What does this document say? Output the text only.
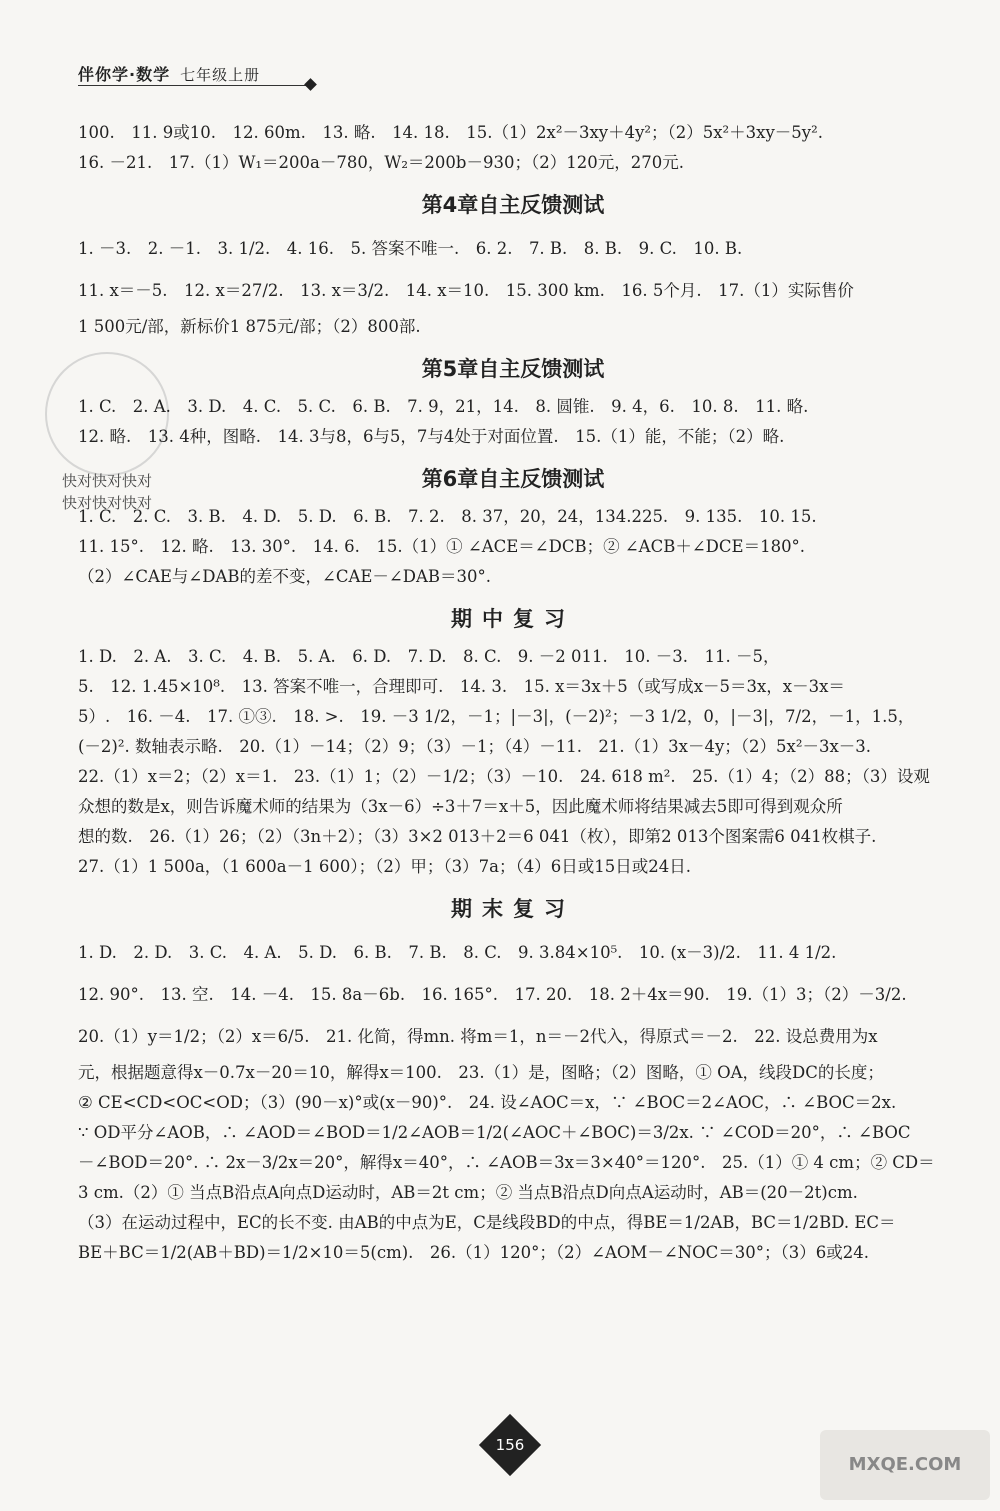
伴你学·数学 七年级上册
快对快对快对
快对快对快对
100.　11. 9或10.　12. 60m.　13. 略.　14. 18.　15.（1）2x²－3xy＋4y²；（2）5x²＋3xy－5y².
16. －21.　17.（1）W₁＝200a－780，W₂＝200b－930；（2）120元，270元.
第4章自主反馈测试
1. －3.　2. －1.　3. 1/2.　4. 16.　5. 答案不唯一.　6. 2.　7. B.　8. B.　9. C.　10. B.
11. x＝－5.　12. x＝27/2.　13. x＝3/2.　14. x＝10.　15. 300 km.　16. 5个月.　17.（1）实际售价
1 500元/部，新标价1 875元/部；（2）800部.
第5章自主反馈测试
1. C.　2. A.　3. D.　4. C.　5. C.　6. B.　7. 9，21，14.　8. 圆锥.　9. 4，6.　10. 8.　11. 略.
12. 略.　13. 4种，图略.　14. 3与8，6与5，7与4处于对面位置.　15.（1）能，不能；（2）略.
第6章自主反馈测试
1. C.　2. C.　3. B.　4. D.　5. D.　6. B.　7. 2.　8. 37，20，24，134.225.　9. 135.　10. 15.
11. 15°.　12. 略.　13. 30°.　14. 6.　15.（1）① ∠ACE＝∠DCB；② ∠ACB＋∠DCE＝180°.
（2）∠CAE与∠DAB的差不变，∠CAE－∠DAB＝30°.
期中复习
1. D.　2. A.　3. C.　4. B.　5. A.　6. D.　7. D.　8. C.　9. －2 011.　10. －3.　11. －5，
5.　12. 1.45×10⁸.　13. 答案不唯一，合理即可.　14. 3.　15. x＝3x＋5（或写成x－5＝3x，x－3x＝
5）.　16. －4.　17. ①③.　18. >.　19. －3 1/2，－1；|－3|，(－2)²；－3 1/2，0，|－3|，7/2，－1，1.5，
(－2)². 数轴表示略.　20.（1）－14；（2）9；（3）－1；（4）－11.　21.（1）3x－4y；（2）5x²－3x－3.
22.（1）x＝2；（2）x＝1.　23.（1）1；（2）－1/2；（3）－10.　24. 618 m².　25.（1）4；（2）88；（3）设观
众想的数是x，则告诉魔术师的结果为（3x－6）÷3＋7＝x＋5，因此魔术师将结果减去5即可得到观众所
想的数.　26.（1）26；（2）（3n＋2）；（3）3×2 013＋2＝6 041（枚），即第2 013个图案需6 041枚棋子.
27.（1）1 500a，（1 600a－1 600）；（2）甲；（3）7a；（4）6日或15日或24日.
期末复习
1. D.　2. D.　3. C.　4. A.　5. D.　6. B.　7. B.　8. C.　9. 3.84×10⁵.　10. (x－3)/2.　11. 4 1/2.
12. 90°.　13. 空.　14. －4.　15. 8a－6b.　16. 165°.　17. 20.　18. 2＋4x＝90.　19.（1）3；（2）－3/2.
20.（1）y＝1/2；（2）x＝6/5.　21. 化简，得mn. 将m＝1，n＝－2代入，得原式＝－2.　22. 设总费用为x
元，根据题意得x－0.7x－20＝10，解得x＝100.　23.（1）是，图略；（2）图略，① OA，线段DC的长度；
② CE<CD<OC<OD；（3）(90－x)°或(x－90)°.　24. 设∠AOC＝x，∵ ∠BOC＝2∠AOC，∴ ∠BOC＝2x.
∵ OD平分∠AOB，∴ ∠AOD＝∠BOD＝1/2∠AOB＝1/2(∠AOC＋∠BOC)＝3/2x. ∵ ∠COD＝20°，∴ ∠BOC
－∠BOD＝20°. ∴ 2x－3/2x＝20°，解得x＝40°，∴ ∠AOB＝3x＝3×40°＝120°.　25.（1）① 4 cm；② CD＝
3 cm.（2）① 当点B沿点A向点D运动时，AB＝2t cm；② 当点B沿点D向点A运动时，AB＝(20－2t)cm.
（3）在运动过程中，EC的长不变. 由AB的中点为E，C是线段BD的中点，得BE＝1/2AB，BC＝1/2BD. EC＝
BE＋BC＝1/2(AB＋BD)＝1/2×10＝5(cm).　26.（1）120°；（2）∠AOM－∠NOC＝30°；（3）6或24.
156
MXQE.COM
